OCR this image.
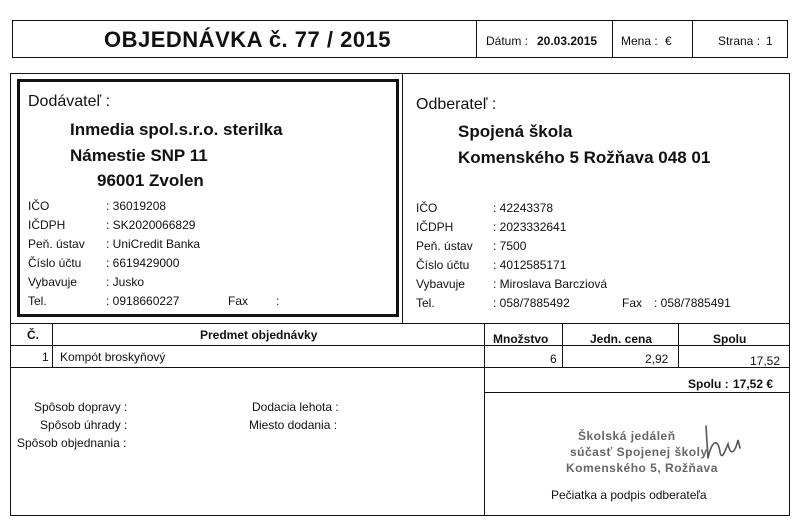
OBJEDNÁVKA č. 77 / 2015	Dátum : 20.03.2015 Mena : €	Strana : 1
Dodávateľ :
Inmedia spol.s.r.o. sterilka
Námestie SNP 11
96001 Zvolen
IČO	: 36019208
IČDPH	: SK2020066829
Peň. ústav : UniCredit Banka
Číslo účtu : 6619429000
Vybavuje : Jusko
Tel.	: 0918660227	Fax :
Odberateľ :
Spojená škola
Komenského 5 Rožňava 048 01
IČO	: 42243378
IČDPH	: 2023332641
Peň. ústav : 7500
Číslo účtu : 4012585171
Vybavuje : Miroslava Barcziová
Tel.	: 058/7885492	Fax : 058/7885491
Č.	Predmet objednávky	Množstvo	Jedn. cena	Spolu
1 Kompót broskyňový	6	2,92	17,52
Spolu : 17,52 €
Spôsob dopravy :
Spôsob úhrady :
Spôsob objednania :
Dodacia lehota :
Miesto dodania :
Školská jedáleň
súčasť Spojenej školy
Komenského 5, Rožňava
Pečiatka a podpis odberateľa
